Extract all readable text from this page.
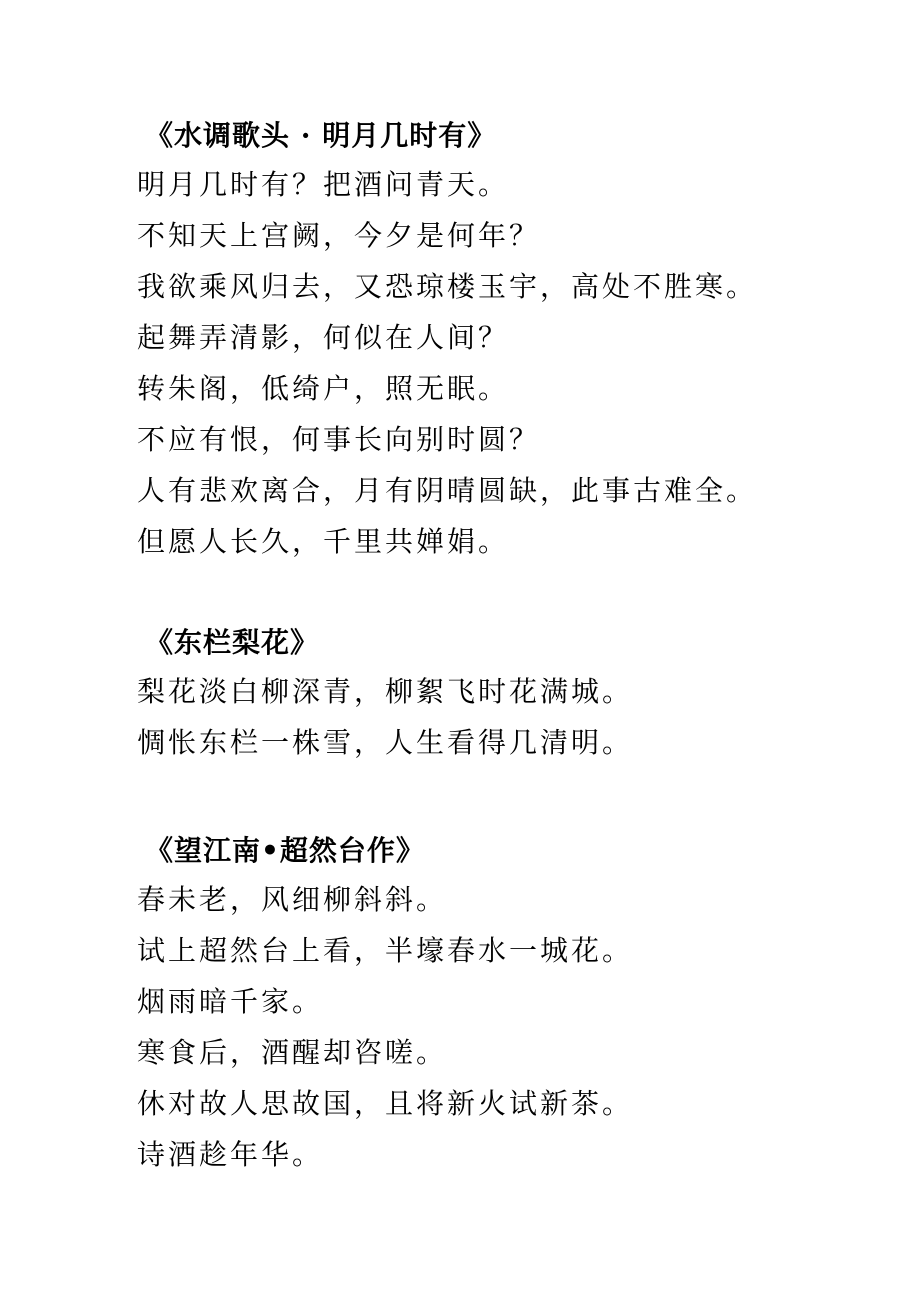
《水调歌头 · 明月几时有》
明月几时有？把酒问青天。
不知天上宫阙，今夕是何年？
我欲乘风归去，又恐琼楼玉宇，高处不胜寒。
起舞弄清影，何似在人间？
转朱阁，低绮户，照无眠。
不应有恨，何事长向别时圆？
人有悲欢离合，月有阴晴圆缺，此事古难全。
但愿人长久，千里共婵娟。
《东栏梨花》
梨花淡白柳深青，柳絮飞时花满城。
惆怅东栏一株雪，人生看得几清明。
《望江南•超然台作》
春未老，风细柳斜斜。
试上超然台上看，半壕春水一城花。
烟雨暗千家。
寒食后，酒醒却咨嗟。
休对故人思故国，且将新火试新茶。
诗酒趁年华。
